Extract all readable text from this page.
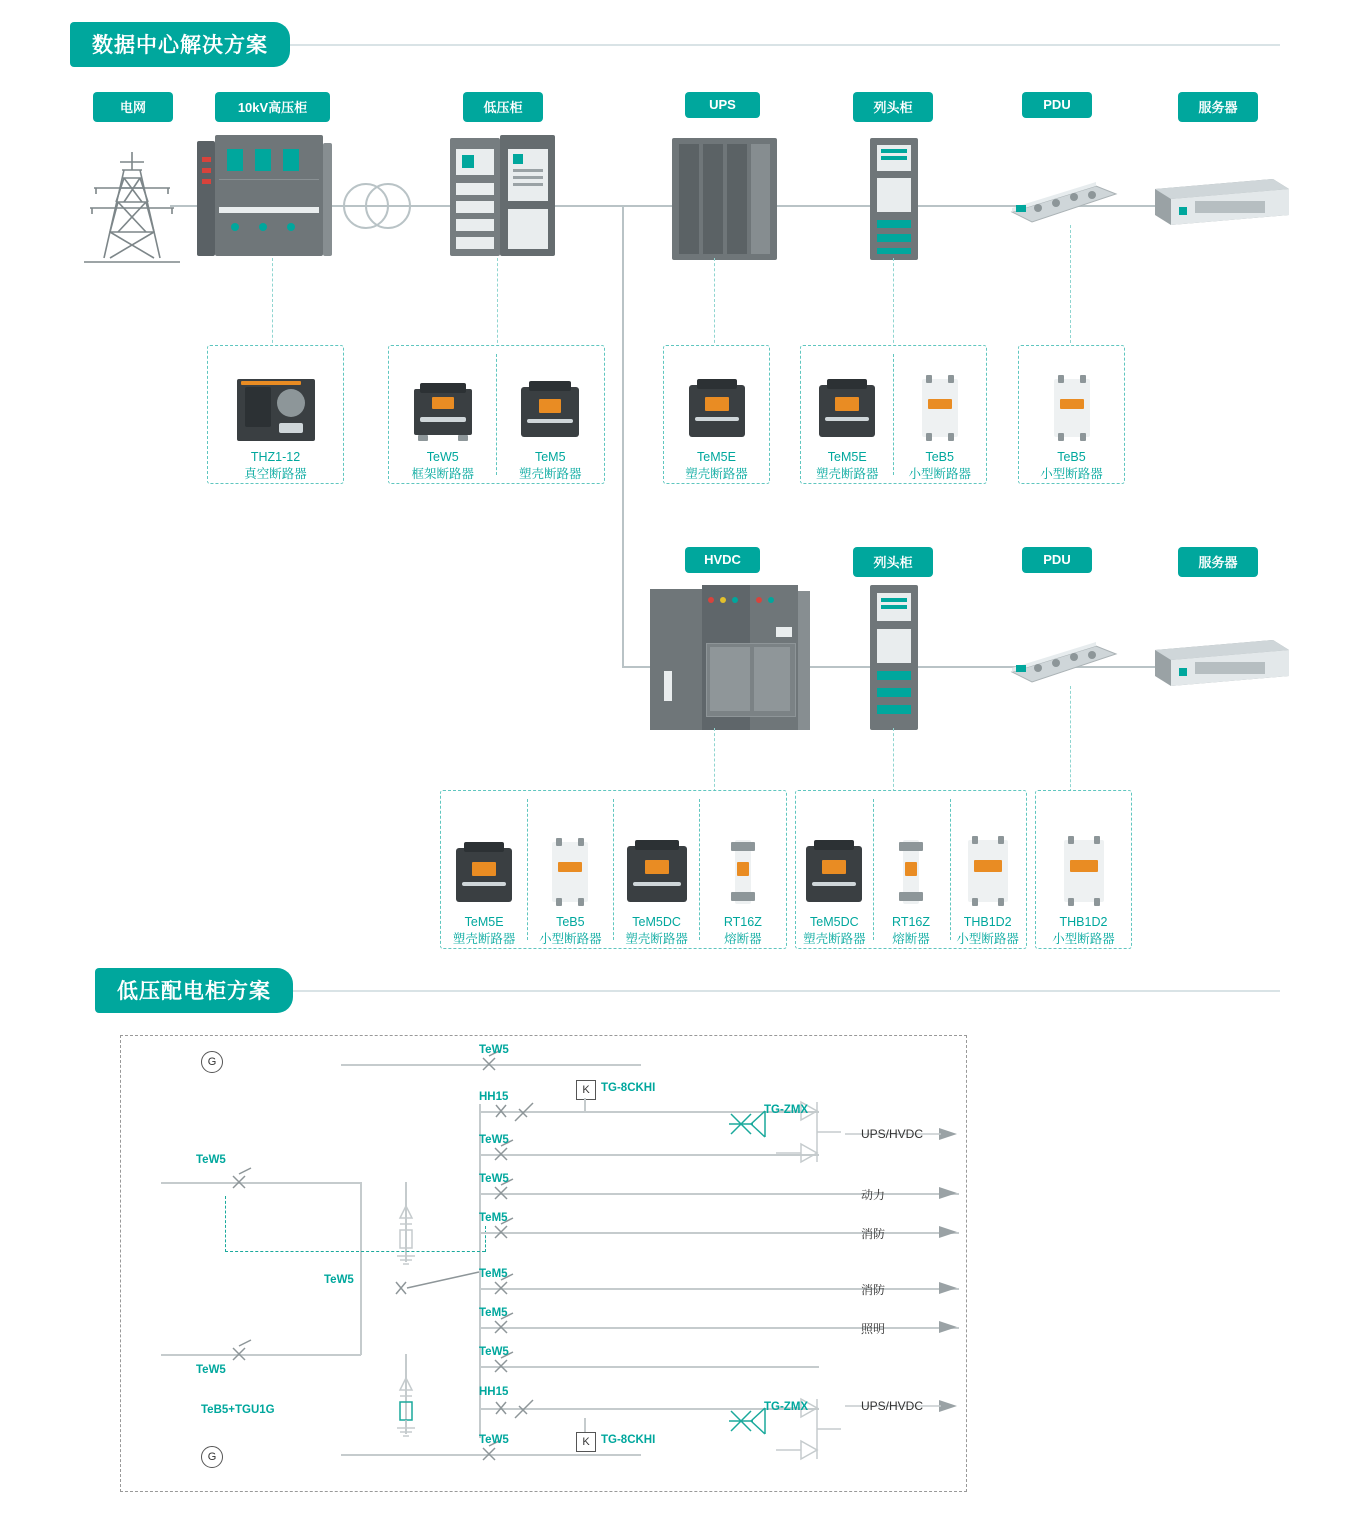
数据中心解决方案
电网	10kV高压柜	低压柜	UPS	列头柜	PDU	服务器
THZ1-12
真空断路器
TeW5
框架断路器
TeM5
塑壳断路器
TeM5E
塑壳断路器
TeM5E
塑壳断路器
TeB5
小型断路器
TeB5
小型断路器
HVDC	列头柜	PDU	服务器
TeM5E
塑壳断路器
TeB5
小型断路器
TeM5DC
塑壳断路器
RT16Z
熔断器
TeM5DC
塑壳断路器
RT16Z
熔断器
THB1D2
小型断路器
THB1D2
小型断路器
低压配电柜方案
G
G
K
K
TeW5
HH15
TG-8CKHI
TG-ZMX
TeW5
TeW5
TeM5
TeM5
TeM5
TeW5
HH15
TG-ZMX
TG-8CKHI
TeW5
TeW5
TeW5
TeW5
TeB5+TGU1G
UPS/HVDC
动力
消防
消防
照明
UPS/HVDC
